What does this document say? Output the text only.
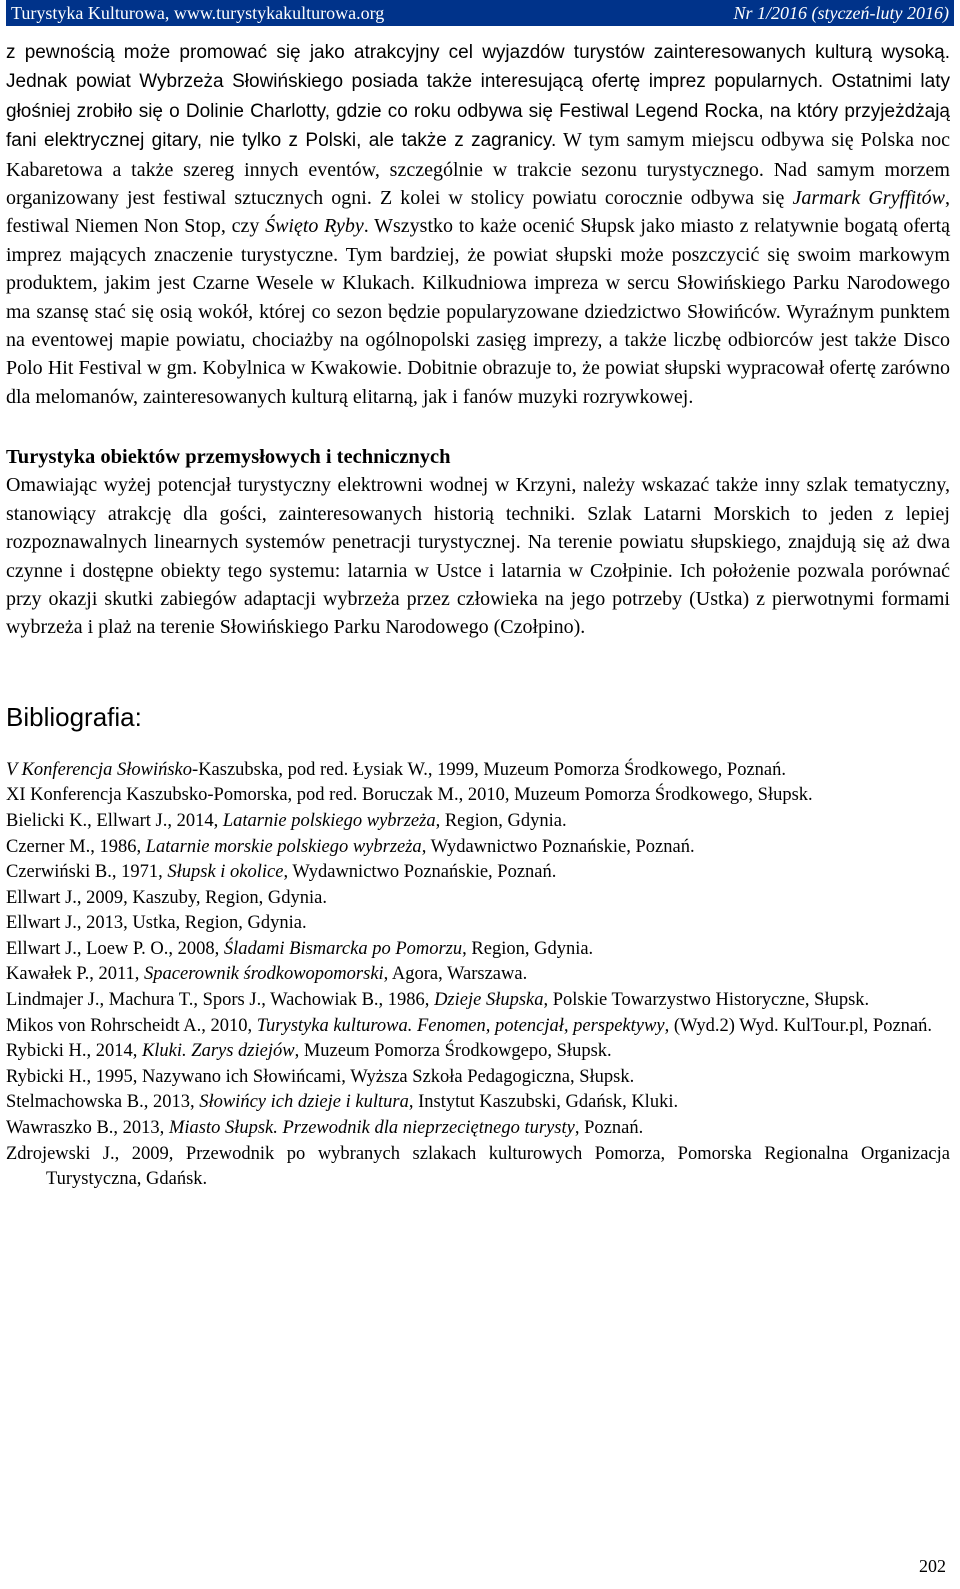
Turystyka Kulturowa, www.turystykakulturowa.org	Nr 1/2016 (styczeń-luty 2016)

z pewnością może promować się jako atrakcyjny cel wyjazdów turystów zainteresowanych kulturą wysoką. Jednak powiat Wybrzeża Słowińskiego posiada także interesującą ofertę imprez popularnych. Ostatnimi laty głośniej zrobiło się o Dolinie Charlotty, gdzie co roku odbywa się Festiwal Legend Rocka, na który przyjeżdżają fani elektrycznej gitary, nie tylko z Polski, ale także z zagranicy. W tym samym miejscu odbywa się Polska noc Kabaretowa a także szereg innych eventów, szczególnie w trakcie sezonu turystycznego. Nad samym morzem organizowany jest festiwal sztucznych ogni. Z kolei w stolicy powiatu corocznie odbywa się Jarmark Gryffitów, festiwal Niemen Non Stop, czy Święto Ryby. Wszystko to każe ocenić Słupsk jako miasto z relatywnie bogatą ofertą imprez mających znaczenie turystyczne. Tym bardziej, że powiat słupski może poszczycić się swoim markowym produktem, jakim jest Czarne Wesele w Klukach. Kilkudniowa impreza w sercu Słowińskiego Parku Narodowego ma szansę stać się osią wokół, której co sezon będzie popularyzowane dziedzictwo Słowińców. Wyraźnym punktem na eventowej mapie powiatu, chociażby na ogólnopolski zasięg imprezy, a także liczbę odbiorców jest także Disco Polo Hit Festival w gm. Kobylnica w Kwakowie. Dobitnie obrazuje to, że powiat słupski wypracował ofertę zarówno dla melomanów, zainteresowanych kulturą elitarną, jak i fanów muzyki rozrywkowej.

Turystyka obiektów przemysłowych i technicznych

Omawiając wyżej potencjał turystyczny elektrowni wodnej w Krzyni, należy wskazać także inny szlak tematyczny, stanowiący atrakcję dla gości, zainteresowanych historią techniki. Szlak Latarni Morskich to jeden z lepiej rozpoznawalnych linearnych systemów penetracji turystycznej. Na terenie powiatu słupskiego, znajdują się aż dwa czynne i dostępne obiekty tego systemu: latarnia w Ustce i latarnia w Czołpinie. Ich położenie pozwala porównać przy okazji skutki zabiegów adaptacji wybrzeża przez człowieka na jego potrzeby (Ustka) z pierwotnymi formami wybrzeża i plaż na terenie Słowińskiego Parku Narodowego (Czołpino).

Bibliografia:
V Konferencja Słowińsko-Kaszubska, pod red. Łysiak W., 1999, Muzeum Pomorza Środkowego, Poznań.
XI Konferencja Kaszubsko-Pomorska, pod red. Boruczak M., 2010, Muzeum Pomorza Środkowego, Słupsk.
Bielicki K., Ellwart J., 2014, Latarnie polskiego wybrzeża, Region, Gdynia.
Czerner M., 1986, Latarnie morskie polskiego wybrzeża, Wydawnictwo Poznańskie, Poznań.
Czerwiński B., 1971, Słupsk i okolice, Wydawnictwo Poznańskie, Poznań.
Ellwart J., 2009, Kaszuby, Region, Gdynia.
Ellwart J., 2013, Ustka, Region, Gdynia.
Ellwart J., Loew P. O., 2008, Śladami Bismarcka po Pomorzu, Region, Gdynia.
Kawałek P., 2011, Spacerownik środkowopomorski, Agora, Warszawa.
Lindmajer J., Machura T., Spors J., Wachowiak B., 1986, Dzieje Słupska, Polskie Towarzystwo Historyczne, Słupsk.
Mikos von Rohrscheidt A., 2010, Turystyka kulturowa. Fenomen, potencjał, perspektywy, (Wyd.2) Wyd. KulTour.pl, Poznań.
Rybicki H., 2014, Kluki. Zarys dziejów, Muzeum Pomorza Środkowgepo, Słupsk.
Rybicki H., 1995, Nazywano ich Słowińcami, Wyższa Szkoła Pedagogiczna, Słupsk.
Stelmachowska B., 2013, Słowińcy ich dzieje i kultura, Instytut Kaszubski, Gdańsk, Kluki.
Wawraszko B., 2013, Miasto Słupsk. Przewodnik dla nieprzeciętnego turysty, Poznań.
Zdrojewski J., 2009, Przewodnik po wybranych szlakach kulturowych Pomorza, Pomorska Regionalna Organizacja Turystyczna, Gdańsk.
202
